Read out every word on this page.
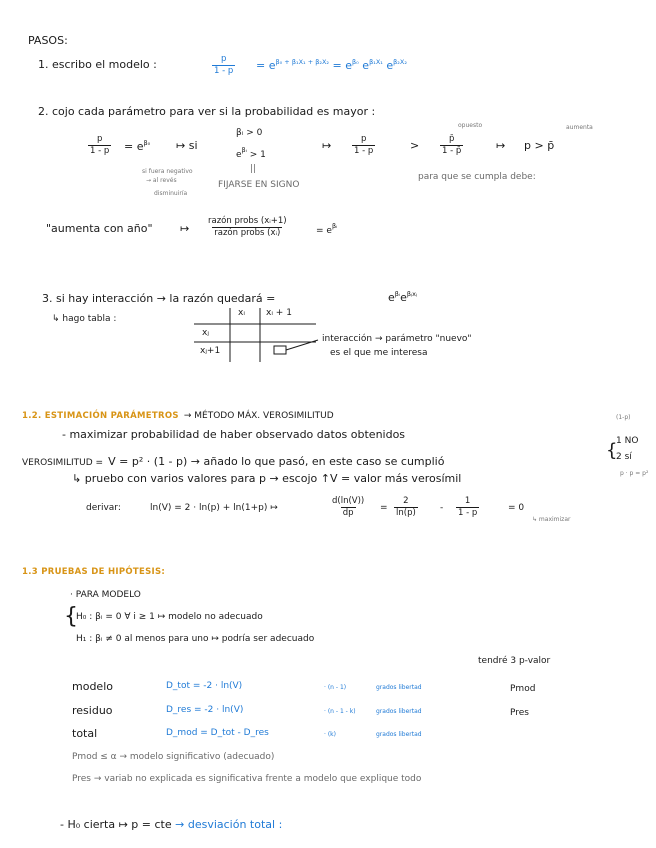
PASOS:
1. escribo el modelo :	$\frac{p}{1 - p} = e^{\beta_0 + \beta_1X_1 + \beta_2X_2} = e^{\beta_0}$ $e^{\beta_1X_1}$ $e^{\beta_2X_2}$
2. cojo cada parámetro para ver si la probabilidad es mayor :
$\frac{p}{1 - p} = e^{\beta_0}$ ↦ si
βᵢ > 0
$e^{\beta ᵢ} > 1$
||
FIJARSE EN SIGNO
si fuera negativo
→ al revés
disminuiría
↦ $\frac{p}{1 - p}$	>
opuesto
$\frac{p̄}{1 - p̄}$	↦ p > p̄
aumenta
para que se cumpla debe:
"aumenta con año" ↦
razón probs (xᵢ+1)
razón probs (xᵢ)	= $e^{\beta ᵢ}$
3. si hay interacción → la razón quedará =	$e^{\beta ᵢ}e^{\beta ⱼxⱼ}$
↳ hago tabla :
xᵢ xᵢ + 1
xⱼ
xⱼ+1
interacción → parámetro "nuevo"
es el que me interesa
1.2. ESTIMACIÓN PARÁMETROS → MÉTODO MÁX. VEROSIMILITUD
- maximizar probabilidad de haber observado datos obtenidos
VEROSIMILITUD = V = p² · (1 - p) → añado lo que pasó, en este caso se cumplió
(1-p)
{
1 NO
2 sí
p · p = p²
↳ pruebo con varios valores para p → escojo ↑V = valor más verosímil
derivar:	ln(V) = 2 · ln(p) + ln(1+p) ↦	$\frac{d(\ln(V))}{dp} = \frac{2}{\ln(p)} - \frac{1}{1 - p}$	= 0
↳ maximizar
1.3 PRUEBAS DE HIPÓTESIS:
· PARA MODELO
{
H₀ : βᵢ = 0 ∀ i ≥ 1 ↦ modelo no adecuado
H₁ : βᵢ ≠ 0 al menos para uno ↦ podría ser adecuado
tendré 3 p-valor
modelo	D_tot = -2 · ln(V)	· (n - 1)	grados libertad	Pmod
residuo	D_res = -2 · ln(V)	· (n - 1 - k)	grados libertad	Pres
total	D_mod = D_tot - D_res	· (k)	grados libertad
Pmod ≤ α → modelo significativo (adecuado)
Pres → variab no explicada es significativa frente a modelo que explique todo
- H₀ cierta ↦ p = cte → desviación total :
